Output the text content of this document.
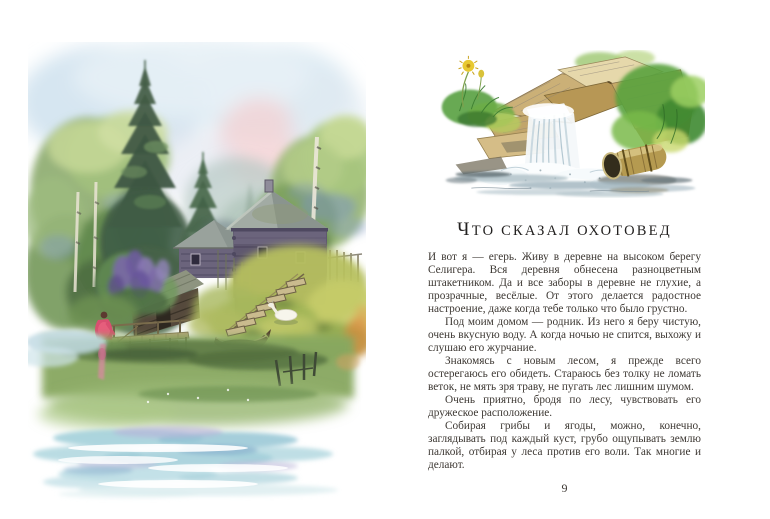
ЧТО СКАЗАЛ ОХОТОВЕД

И вот я — егерь. Живу в деревне на высоком берегу Селигера. Вся деревня обнесена разноцветным штакетником. Да и все заборы в деревне не глухие, а прозрачные, весёлые. От этого делается радостное настроение, даже когда тебе только что было грустно.

Под моим домом — родник. Из него я беру чистую, очень вкусную воду. А когда ночью не спится, выхожу и слушаю его журчание.

Знакомясь с новым лесом, я прежде всего остерегаюсь его обидеть. Стараюсь без толку не ломать веток, не мять зря траву, не пугать лес лишним шумом.

Очень приятно, бродя по лесу, чувствовать его дружеское расположение.

Собирая грибы и ягоды, можно, конечно, заглядывать под каждый куст, грубо ощупывать землю палкой, отбирая у леса против его воли. Так многие и делают.

9
